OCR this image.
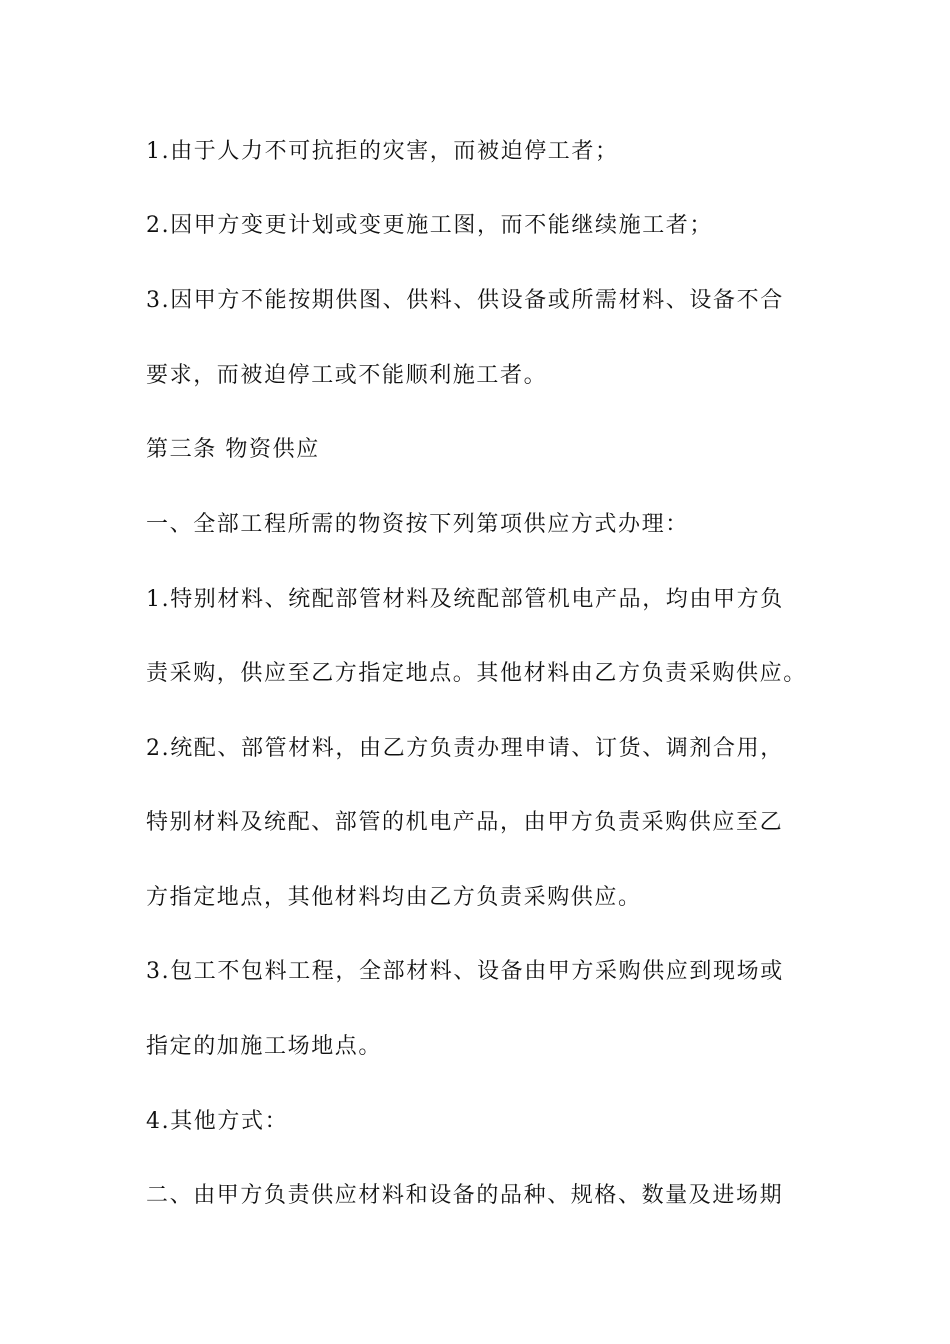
1.由于人力不可抗拒的灾害，而被迫停工者；
2.因甲方变更计划或变更施工图，而不能继续施工者；
3.因甲方不能按期供图、供料、供设备或所需材料、设备不合
要求，而被迫停工或不能顺利施工者。
第三条 物资供应
一、全部工程所需的物资按下列第项供应方式办理：
1.特别材料、统配部管材料及统配部管机电产品，均由甲方负
责采购，供应至乙方指定地点。其他材料由乙方负责采购供应。
2.统配、部管材料，由乙方负责办理申请、订货、调剂合用，
特别材料及统配、部管的机电产品，由甲方负责采购供应至乙
方指定地点，其他材料均由乙方负责采购供应。
3.包工不包料工程，全部材料、设备由甲方采购供应到现场或
指定的加施工场地点。
4.其他方式：
二、由甲方负责供应材料和设备的品种、规格、数量及进场期
